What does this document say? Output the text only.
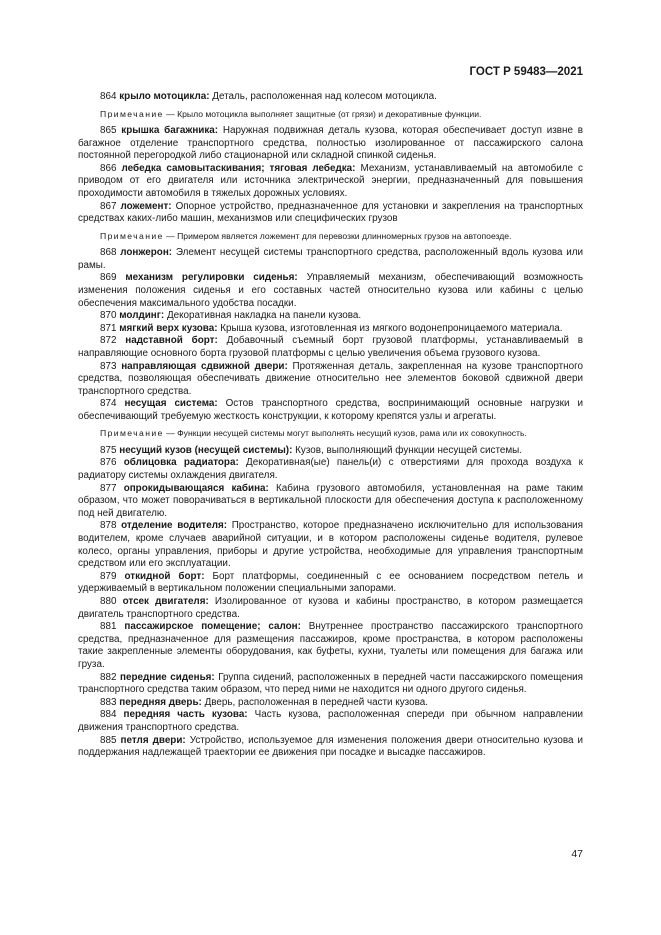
ГОСТ Р 59483—2021

864 крыло мотоцикла: Деталь, расположенная над колесом мотоцикла.

Примечание — Крыло мотоцикла выполняет защитные (от грязи) и декоративные функции.

865 крышка багажника: Наружная подвижная деталь кузова, которая обеспечивает доступ извне в багажное отделение транспортного средства, полностью изолированное от пассажирского салона постоянной перегородкой либо стационарной или складной спинкой сиденья.

866 лебедка самовытаскивания; тяговая лебедка: Механизм, устанавливаемый на автомобиле с приводом от его двигателя или источника электрической энергии, предназначенный для повышения проходимости автомобиля в тяжелых дорожных условиях.

867 ложемент: Опорное устройство, предназначенное для установки и закрепления на транспортных средствах каких-либо машин, механизмов или специфических грузов

Примечание — Примером является ложемент для перевозки длинномерных грузов на автопоезде.

868 лонжерон: Элемент несущей системы транспортного средства, расположенный вдоль кузова или рамы.

869 механизм регулировки сиденья: Управляемый механизм, обеспечивающий возможность изменения положения сиденья и его составных частей относительно кузова или кабины с целью обеспечения максимального удобства посадки.

870 молдинг: Декоративная накладка на панели кузова.

871 мягкий верх кузова: Крыша кузова, изготовленная из мягкого водонепроницаемого материала.

872 надставной борт: Добавочный съемный борт грузовой платформы, устанавливаемый в направляющие основного борта грузовой платформы с целью увеличения объема грузового кузова.

873 направляющая сдвижной двери: Протяженная деталь, закрепленная на кузове транспортного средства, позволяющая обеспечивать движение относительно нее элементов боковой сдвижной двери транспортного средства.

874 несущая система: Остов транспортного средства, воспринимающий основные нагрузки и обеспечивающий требуемую жесткость конструкции, к которому крепятся узлы и агрегаты.

Примечание — Функции несущей системы могут выполнять несущий кузов, рама или их совокупность.

875 несущий кузов (несущей системы): Кузов, выполняющий функции несущей системы.

876 облицовка радиатора: Декоративная(ые) панель(и) с отверстиями для прохода воздуха к радиатору системы охлаждения двигателя.

877 опрокидывающаяся кабина: Кабина грузового автомобиля, установленная на раме таким образом, что может поворачиваться в вертикальной плоскости для обеспечения доступа к расположенному под ней двигателю.

878 отделение водителя: Пространство, которое предназначено исключительно для использования водителем, кроме случаев аварийной ситуации, и в котором расположены сиденье водителя, рулевое колесо, органы управления, приборы и другие устройства, необходимые для управления транспортным средством или его эксплуатации.

879 откидной борт: Борт платформы, соединенный с ее основанием посредством петель и удерживаемый в вертикальном положении специальными запорами.

880 отсек двигателя: Изолированное от кузова и кабины пространство, в котором размещается двигатель транспортного средства.

881 пассажирское помещение; салон: Внутреннее пространство пассажирского транспортного средства, предназначенное для размещения пассажиров, кроме пространства, в котором расположены такие закрепленные элементы оборудования, как буфеты, кухни, туалеты или помещения для багажа или груза.

882 передние сиденья: Группа сидений, расположенных в передней части пассажирского помещения транспортного средства таким образом, что перед ними не находится ни одного другого сиденья.

883 передняя дверь: Дверь, расположенная в передней части кузова.

884 передняя часть кузова: Часть кузова, расположенная спереди при обычном направлении движения транспортного средства.

885 петля двери: Устройство, используемое для изменения положения двери относительно кузова и поддержания надлежащей траектории ее движения при посадке и высадке пассажиров.

47
